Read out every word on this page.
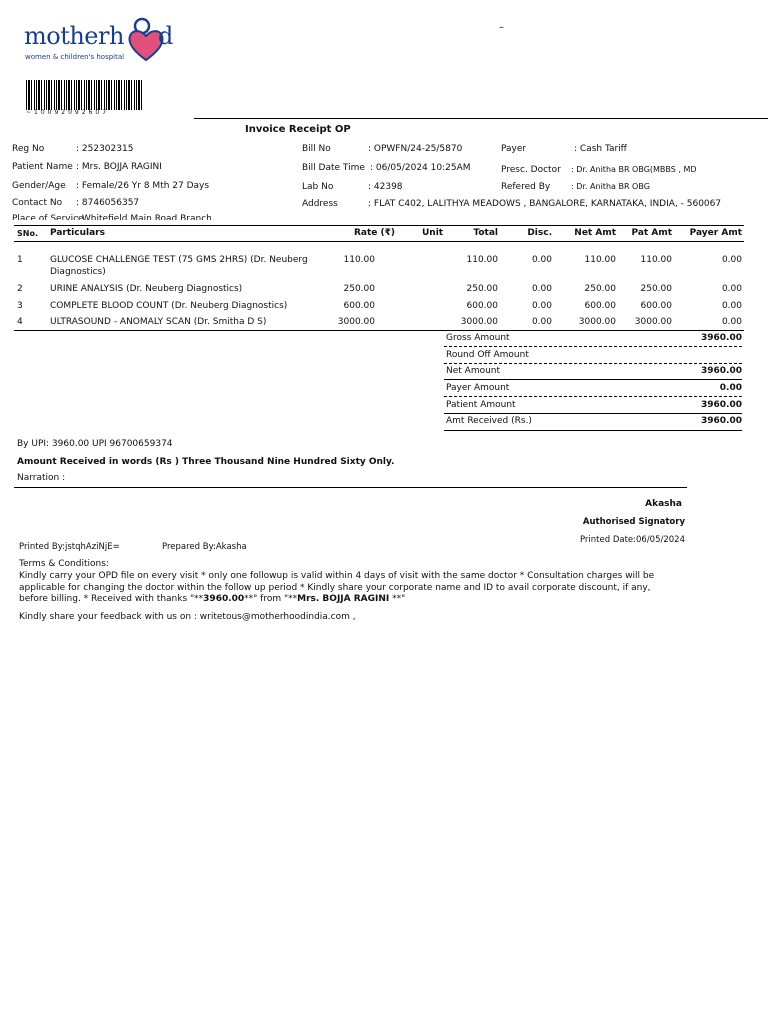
motherh d
women & children's hospital
–
~10092092607
Invoice Receipt OP
Reg No	: 252302315
Patient Name : Mrs. BOJJA RAGINI
Gender/Age : Female/26 Yr 8 Mth 27 Days
Contact No : 8746056357
Place of Service
: Whitefield Main Road Branch
Bill No	: OPWFN/24-25/5870
Bill Date Time : 06/05/2024 10:25AM
Lab No	: 42398
Address	: FLAT C402, LALITHYA MEADOWS , BANGALORE, KARNATAKA, INDIA, - 560067
Payer	: Cash Tariff
Presc. Doctor : Dr. Anitha BR OBG(MBBS , MD
Refered By	: Dr. Anitha BR OBG
SNo. Particulars	Rate (₹)	Unit	Total	Disc.	Net Amt	Pat Amt	Payer Amt
1	GLUCOSE CHALLENGE TEST (75 GMS 2HRS) (Dr. Neuberg
Diagnostics)
110.00	110.00	0.00	110.00	110.00	0.00
2	URINE ANALYSIS (Dr. Neuberg Diagnostics)	250.00	250.00	0.00	250.00	250.00	0.00
3	COMPLETE BLOOD COUNT (Dr. Neuberg Diagnostics)	600.00	600.00	0.00	600.00	600.00	0.00
4	ULTRASOUND - ANOMALY SCAN (Dr. Smitha D S)	3000.00	3000.00	0.00	3000.00	3000.00	0.00
Gross Amount	3960.00
Round Off Amount
Net Amount	3960.00
Payer Amount	0.00
Patient Amount	3960.00
Amt Received (Rs.)	3960.00
By UPI: 3960.00 UPI 96700659374
Amount Received in words (Rs ) Three Thousand Nine Hundred Sixty Only.
Narration :
Akasha
Authorised Signatory
Printed Date:06/05/2024
Printed By:jstqhAziNjE=	Prepared By:Akasha
Terms & Conditions:
Kindly carry your OPD file on every visit * only one followup is valid within 4 days of visit with the same doctor * Consultation charges will be
applicable for changing the doctor within the follow up period * Kindly share your corporate name and ID to avail corporate discount, if any,
before billing. * Received with thanks "**3960.00**" from "**Mrs. BOJJA RAGINI **"
Kindly share your feedback with us on : writetous@motherhoodindia.com ,
